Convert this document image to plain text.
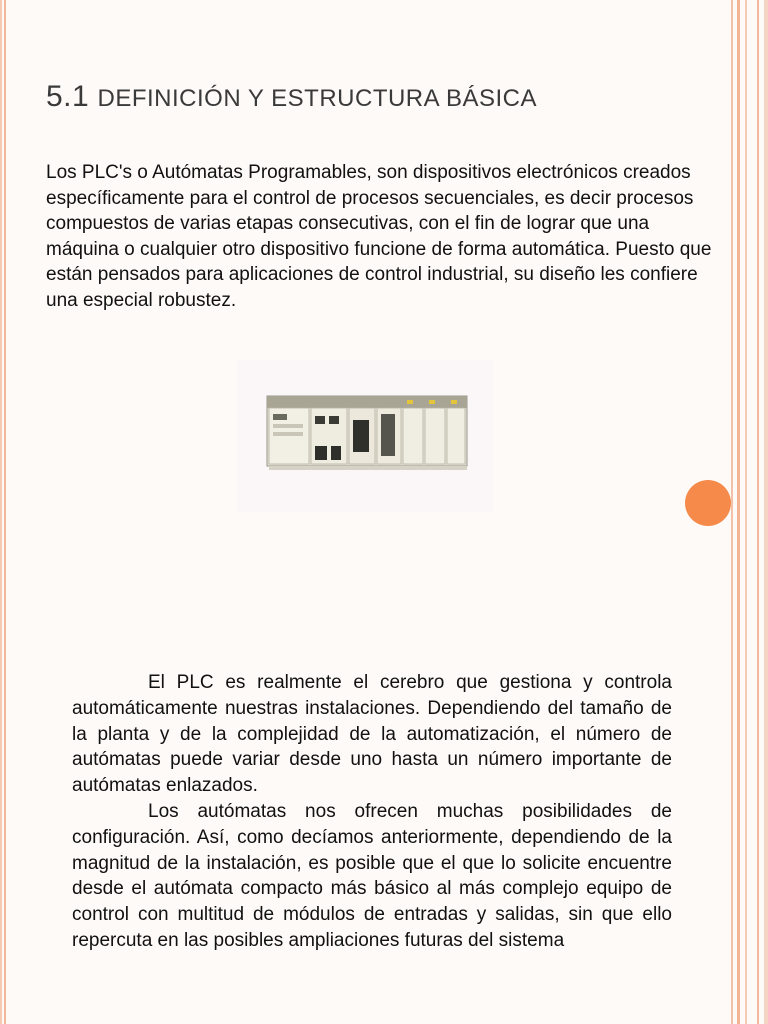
5.1 DEFINICIÓN Y ESTRUCTURA BÁSICA

Los PLC's o Autómatas Programables, son dispositivos electrónicos creados específicamente para el control de procesos secuenciales, es decir procesos compuestos de varias etapas consecutivas, con el fin de lograr que una máquina o cualquier otro dispositivo funcione de forma automática. Puesto que están pensados para aplicaciones de control industrial, su diseño les confiere una especial robustez.

El PLC es realmente el cerebro que gestiona y controla automáticamente nuestras instalaciones. Dependiendo del tamaño de la planta y de la complejidad de la automatización, el número de autómatas puede variar desde uno hasta un número importante de autómatas enlazados.

Los autómatas nos ofrecen muchas posibilidades de configuración. Así, como decíamos anteriormente, dependiendo de la magnitud de la instalación, es posible que el que lo solicite encuentre desde el autómata compacto más básico al más complejo equipo de control con multitud de módulos de entradas y salidas, sin que ello repercuta en las posibles ampliaciones futuras del sistema
